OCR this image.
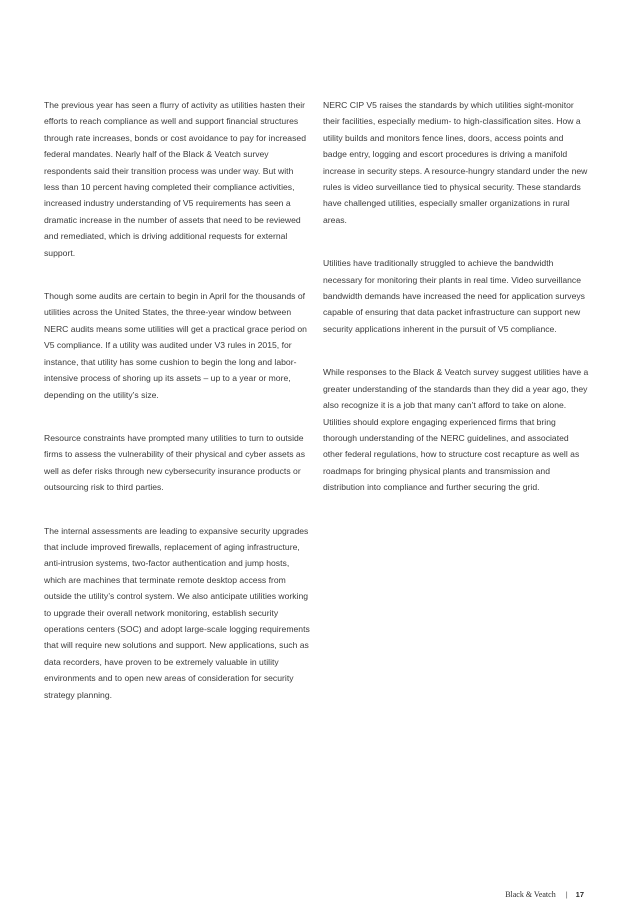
The previous year has seen a flurry of activity as utilities hasten their efforts to reach compliance as well and support financial structures through rate increases, bonds or cost avoidance to pay for increased federal mandates. Nearly half of the Black & Veatch survey respondents said their transition process was under way. But with less than 10 percent having completed their compliance activities, increased industry understanding of V5 requirements has seen a dramatic increase in the number of assets that need to be reviewed and remediated, which is driving additional requests for external support.

Though some audits are certain to begin in April for the thousands of utilities across the United States, the three-year window between NERC audits means some utilities will get a practical grace period on V5 compliance. If a utility was audited under V3 rules in 2015, for instance, that utility has some cushion to begin the long and labor-intensive process of shoring up its assets – up to a year or more, depending on the utility’s size.

Resource constraints have prompted many utilities to turn to outside firms to assess the vulnerability of their physical and cyber assets as well as defer risks through new cybersecurity insurance products or outsourcing risk to third parties.

The internal assessments are leading to expansive security upgrades that include improved firewalls, replacement of aging infrastructure, anti-intrusion systems, two-factor authentication and jump hosts, which are machines that terminate remote desktop access from outside the utility’s control system. We also anticipate utilities working to upgrade their overall network monitoring, establish security operations centers (SOC) and adopt large-scale logging requirements that will require new solutions and support. New applications, such as data recorders, have proven to be extremely valuable in utility environments and to open new areas of consideration for security strategy planning.

NERC CIP V5 raises the standards by which utilities sight-monitor their facilities, especially medium- to high-classification sites. How a utility builds and monitors fence lines, doors, access points and badge entry, logging and escort procedures is driving a manifold increase in security steps. A resource-hungry standard under the new rules is video surveillance tied to physical security. These standards have challenged utilities, especially smaller organizations in rural areas.

Utilities have traditionally struggled to achieve the bandwidth necessary for monitoring their plants in real time. Video surveillance bandwidth demands have increased the need for application surveys capable of ensuring that data packet infrastructure can support new security applications inherent in the pursuit of V5 compliance.

While responses to the Black & Veatch survey suggest utilities have a greater understanding of the standards than they did a year ago, they also recognize it is a job that many can’t afford to take on alone. Utilities should explore engaging experienced firms that bring thorough understanding of the NERC guidelines, and associated other federal regulations, how to structure cost recapture as well as roadmaps for bringing physical plants and transmission and distribution into compliance and further securing the grid.

Black & Veatch | 17
